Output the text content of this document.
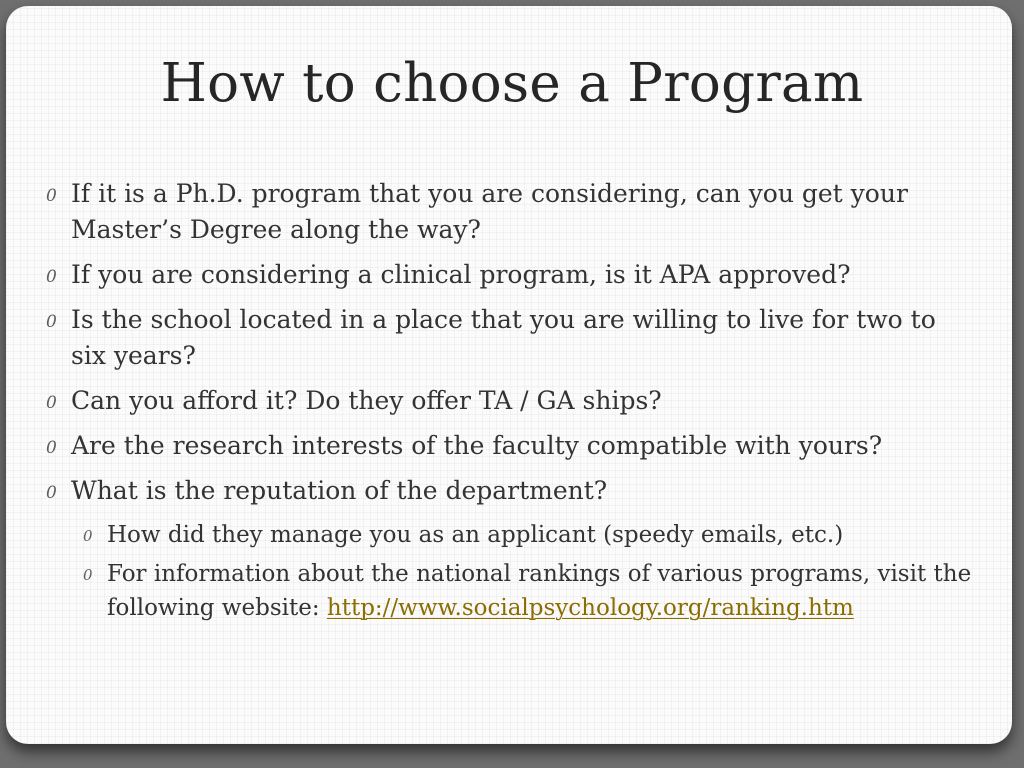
How to choose a Program
0 If it is a Ph.D. program that you are considering, can you get your Master’s Degree along the way?
0 If you are considering a clinical program, is it APA approved?
0 Is the school located in a place that you are willing to live for two to six years?
0 Can you afford it? Do they offer TA / GA ships?
0 Are the research interests of the faculty compatible with yours?
0 What is the reputation of the department?
0 How did they manage you as an applicant (speedy emails, etc.)
0 For information about the national rankings of various programs, visit the following website: http://www.socialpsychology.org/ranking.htm
